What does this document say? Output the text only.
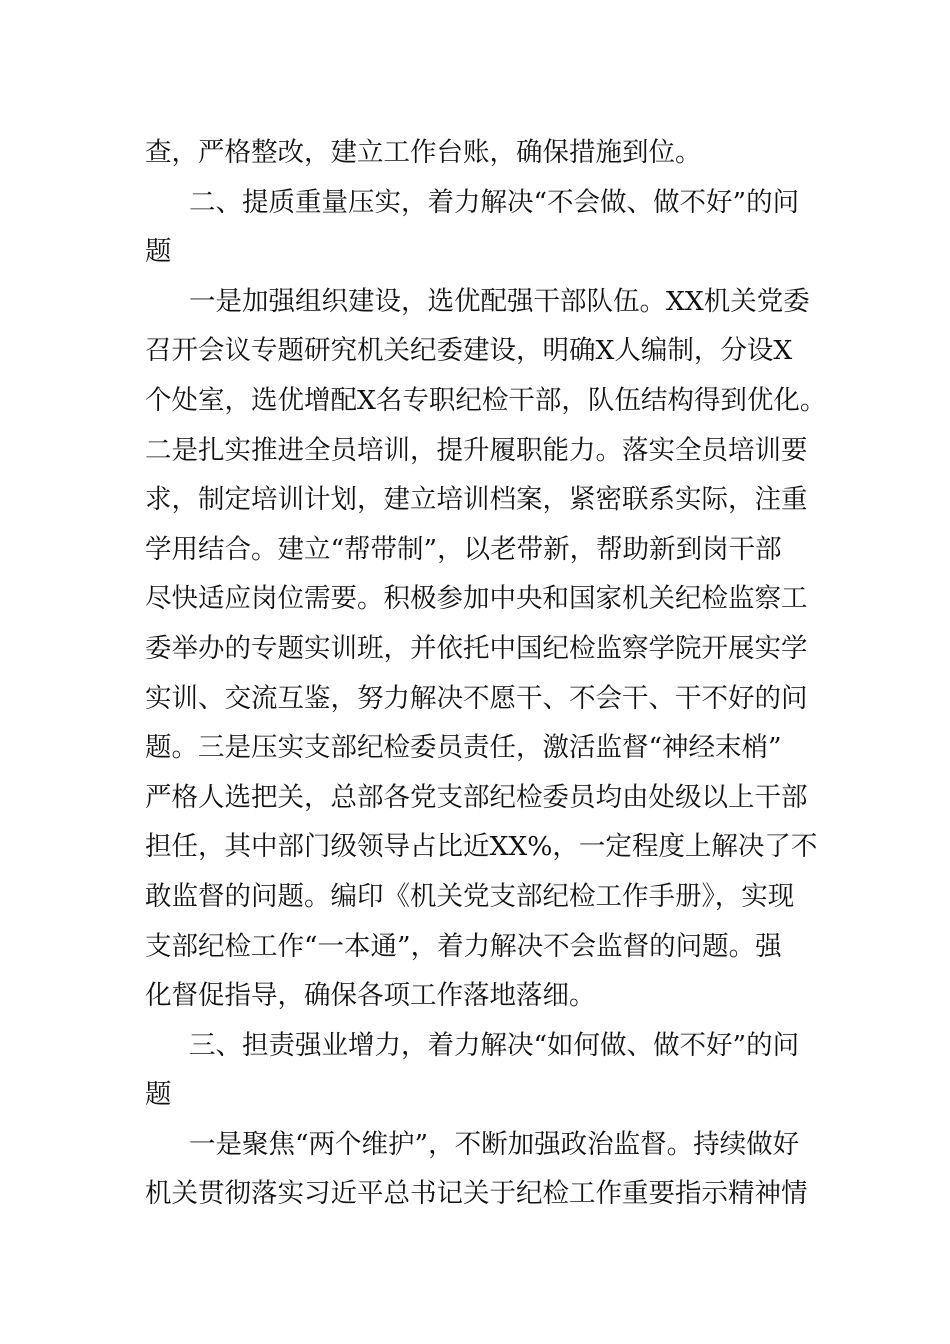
查，严格整改，建立工作台账，确保措施到位。
二、提质重量压实，着力解决“不会做、做不好”的问
题
一是加强组织建设，选优配强干部队伍。XX机关党委
召开会议专题研究机关纪委建设，明确X人编制，分设X
个处室，选优增配X名专职纪检干部，队伍结构得到优化。
二是扎实推进全员培训，提升履职能力。落实全员培训要
求，制定培训计划，建立培训档案，紧密联系实际，注重
学用结合。建立“帮带制”，以老带新，帮助新到岗干部
尽快适应岗位需要。积极参加中央和国家机关纪检监察工
委举办的专题实训班，并依托中国纪检监察学院开展实学
实训、交流互鉴，努力解决不愿干、不会干、干不好的问
题。三是压实支部纪检委员责任，激活监督“神经末梢”
严格人选把关，总部各党支部纪检委员均由处级以上干部
担任，其中部门级领导占比近XX%，一定程度上解决了不
敢监督的问题。编印《机关党支部纪检工作手册》，实现
支部纪检工作“一本通”，着力解决不会监督的问题。强
化督促指导，确保各项工作落地落细。
三、担责强业增力，着力解决“如何做、做不好”的问
题
一是聚焦“两个维护”，不断加强政治监督。持续做好
机关贯彻落实习近平总书记关于纪检工作重要指示精神情
